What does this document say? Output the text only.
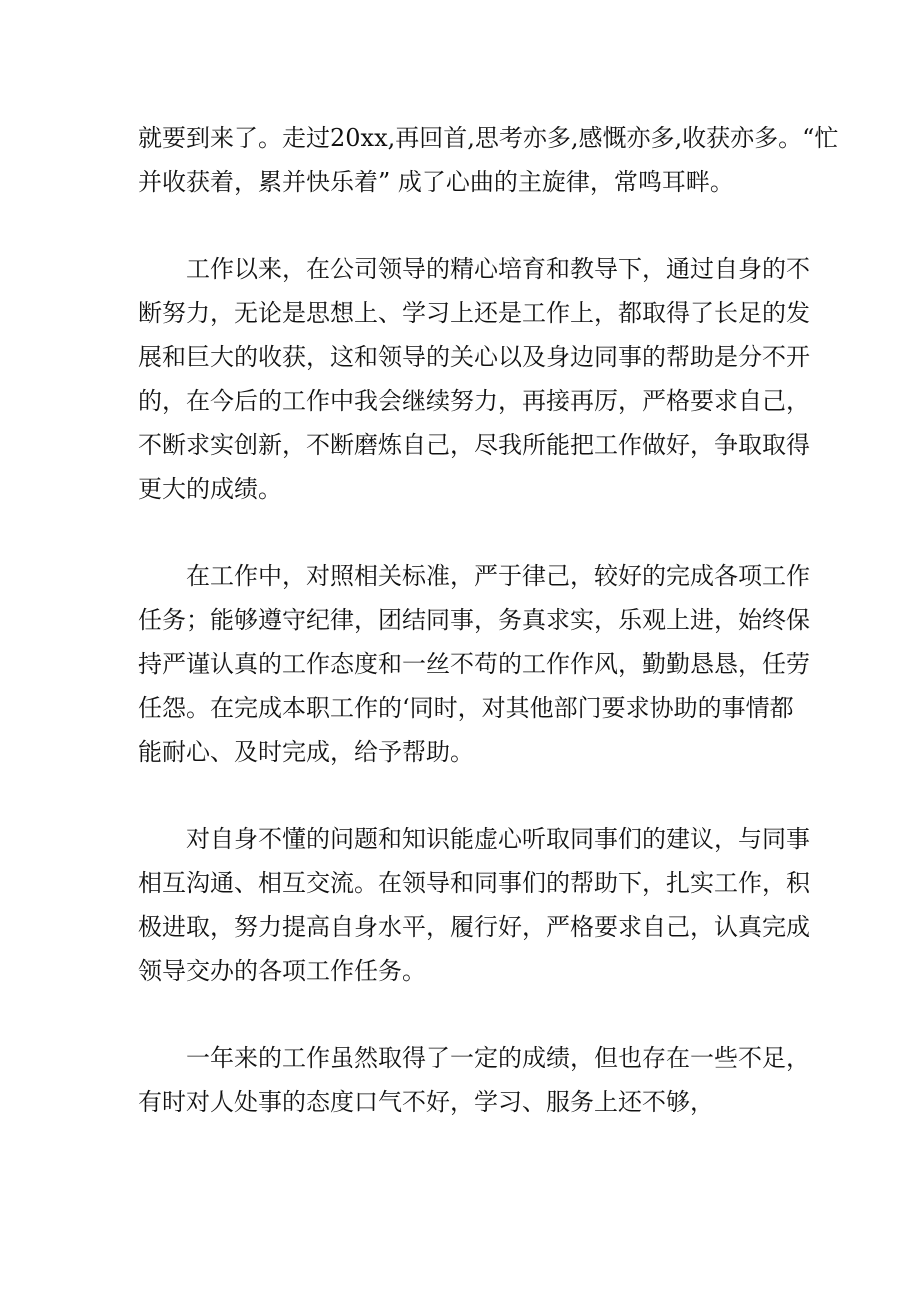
就要到来了。走过20xx,再回首,思考亦多,感慨亦多,收获亦多。“忙
并收获着，累并快乐着” 成了心曲的主旋律，常鸣耳畔。

工作以来，在公司领导的精心培育和教导下，通过自身的不
断努力，无论是思想上、学习上还是工作上，都取得了长足的发
展和巨大的收获，这和领导的关心以及身边同事的帮助是分不开
的，在今后的工作中我会继续努力，再接再厉，严格要求自己，
不断求实创新，不断磨炼自己，尽我所能把工作做好，争取取得
更大的成绩。

在工作中，对照相关标准，严于律己，较好的完成各项工作
任务；能够遵守纪律，团结同事，务真求实，乐观上进，始终保
持严谨认真的工作态度和一丝不苟的工作作风，勤勤恳恳，任劳
任怨。在完成本职工作的‘同时，对其他部门要求协助的事情都
能耐心、及时完成，给予帮助。

对自身不懂的问题和知识能虚心听取同事们的建议，与同事
相互沟通、相互交流。在领导和同事们的帮助下，扎实工作，积
极进取，努力提高自身水平，履行好，严格要求自己，认真完成
领导交办的各项工作任务。

一年来的工作虽然取得了一定的成绩，但也存在一些不足，
有时对人处事的态度口气不好，学习、服务上还不够，
